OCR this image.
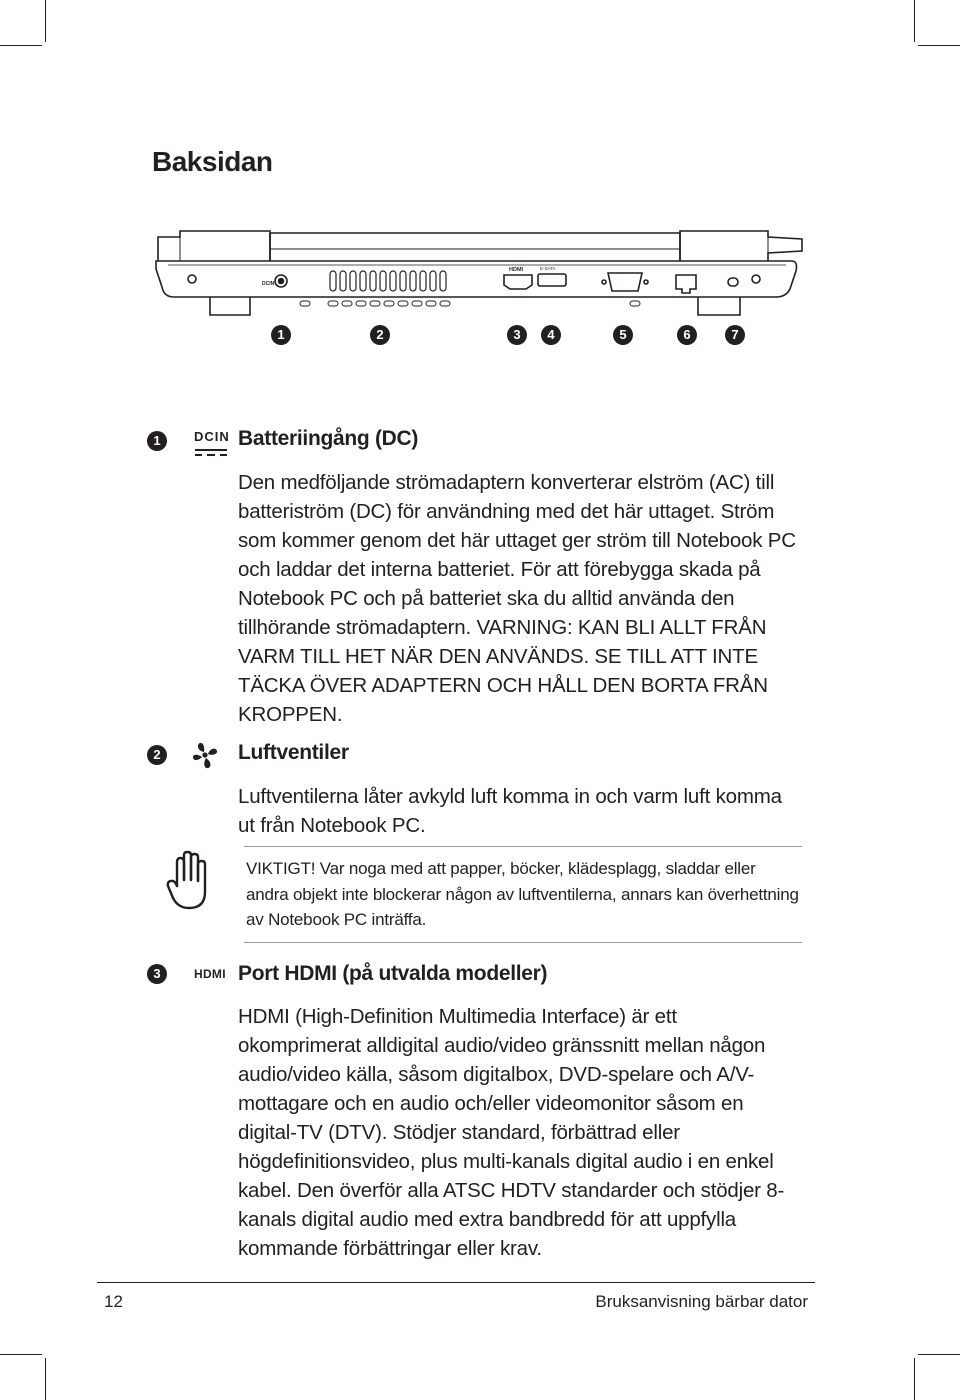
Baksidan
DCIN
HDMI	E-SATA
1	2	3	4	5	6	7
1	DCIN Batteriingång (DC)

Den medföljande strömadaptern konverterar elström (AC) till batteriström (DC) för användning med det här uttaget. Ström som kommer genom det här uttaget ger ström till Notebook PC och laddar det interna batteriet. För att förebygga skada på Notebook PC och på batteriet ska du alltid använda den tillhörande strömadaptern. VARNING: KAN BLI ALLT FRÅN VARM TILL HET NÄR DEN ANVÄNDS. SE TILL ATT INTE TÄCKA ÖVER ADAPTERN OCH HÅLL DEN BORTA FRÅN KROPPEN.

2	Luftventiler

Luftventilerna låter avkyld luft komma in och varm luft komma ut från Notebook PC.

VIKTIGT! Var noga med att papper, böcker, klädesplagg, sladdar eller andra objekt inte blockerar någon av luftventilerna, annars kan överhettning av Notebook PC inträffa.

3	HDMI Port HDMI (på utvalda modeller)

HDMI (High-Definition Multimedia Interface) är ett okomprimerat alldigital audio/video gränssnitt mellan någon audio/video källa, såsom digitalbox, DVD-spelare och A/V-mottagare och en audio och/eller videomonitor såsom en digital-TV (DTV). Stödjer standard, förbättrad eller högdefinitionsvideo, plus multi-kanals digital audio i en enkel kabel. Den överför alla ATSC HDTV standarder och stödjer 8-kanals digital audio med extra bandbredd för att uppfylla kommande förbättringar eller krav.

12	Bruksanvisning bärbar dator
